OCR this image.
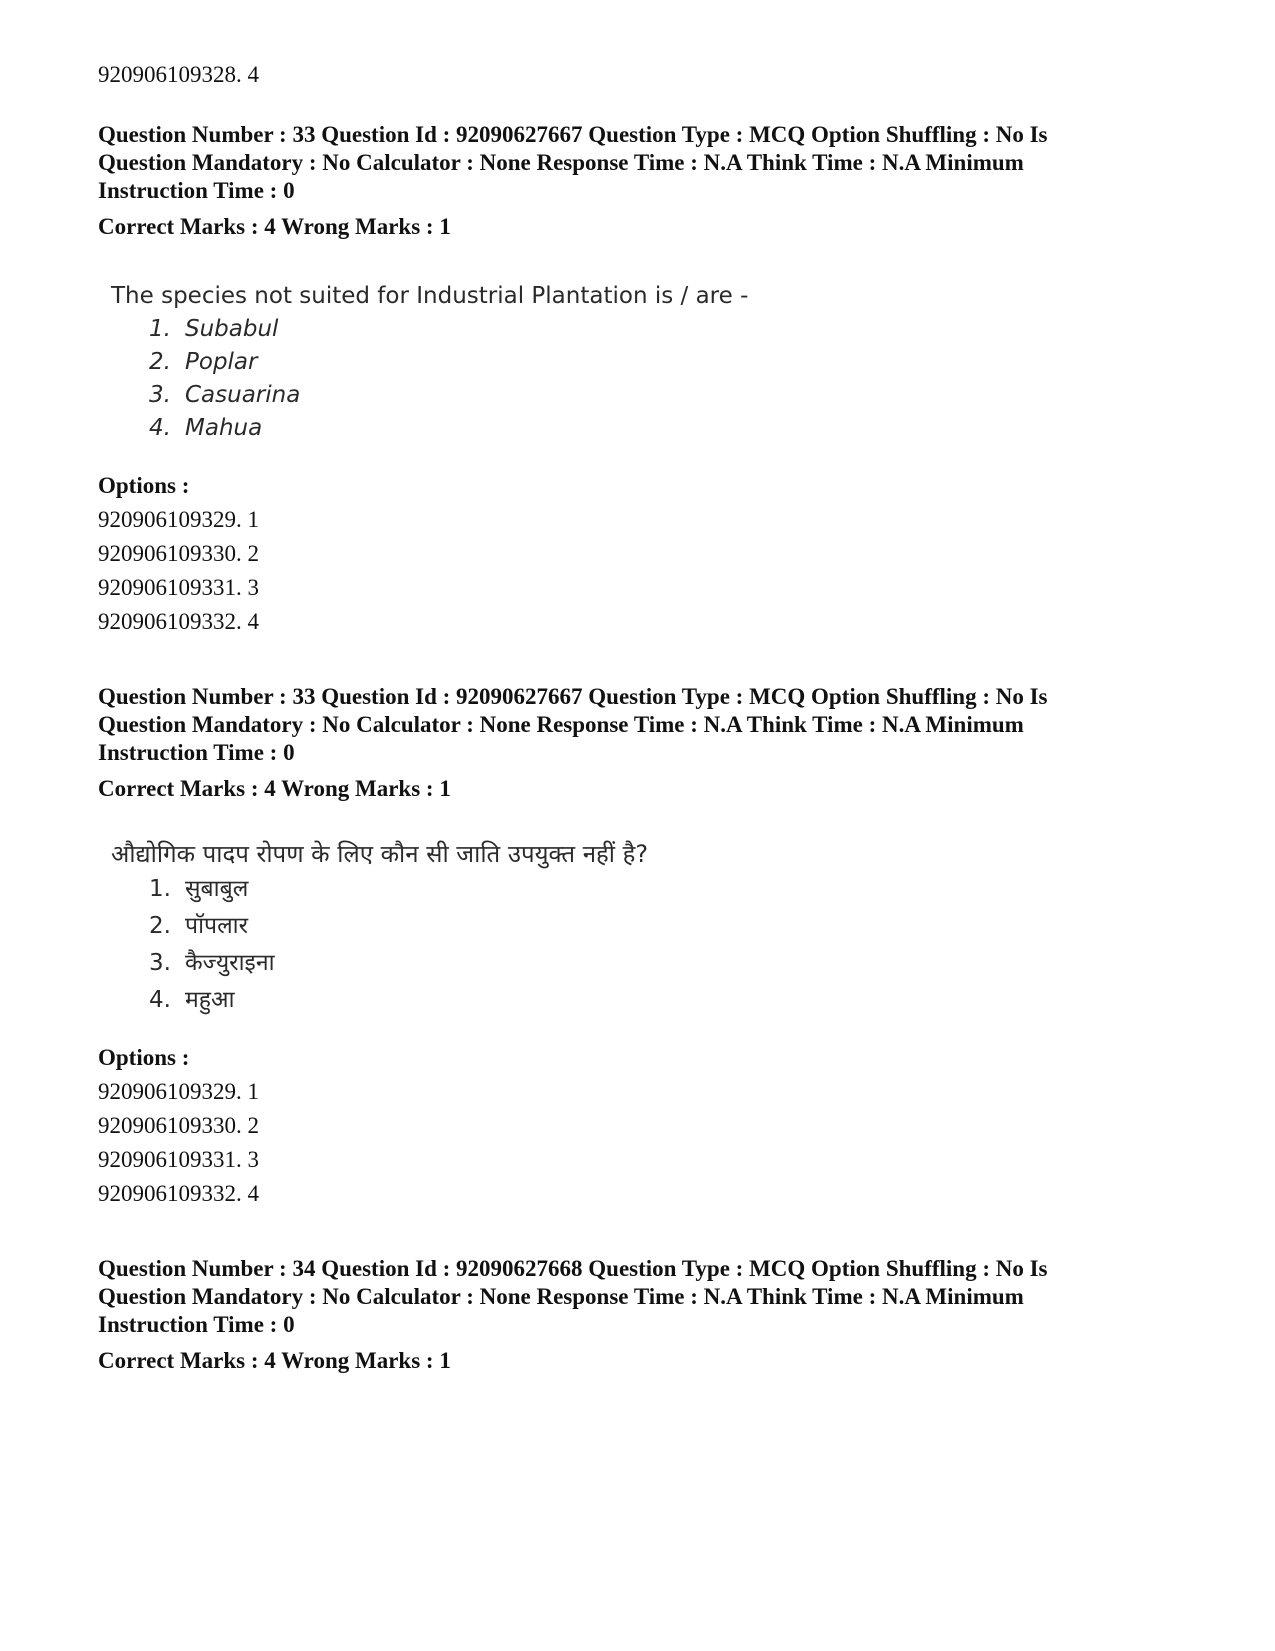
920906109328. 4
Question Number : 33 Question Id : 92090627667 Question Type : MCQ Option Shuffling : No Is
Question Mandatory : No Calculator : None Response Time : N.A Think Time : N.A Minimum
Instruction Time : 0
Correct Marks : 4 Wrong Marks : 1
The species not suited for Industrial Plantation is / are -
1. Subabul
2. Poplar
3. Casuarina
4. Mahua
Options :
920906109329. 1
920906109330. 2
920906109331. 3
920906109332. 4
Question Number : 33 Question Id : 92090627667 Question Type : MCQ Option Shuffling : No Is
Question Mandatory : No Calculator : None Response Time : N.A Think Time : N.A Minimum
Instruction Time : 0
Correct Marks : 4 Wrong Marks : 1
औद्योगिक पादप रोपण के लिए कौन सी जाति उपयुक्त नहीं है?
1. सुबाबुल
2. पॉपलार
3. कैज्युराइना
4. महुआ
Options :
920906109329. 1
920906109330. 2
920906109331. 3
920906109332. 4
Question Number : 34 Question Id : 92090627668 Question Type : MCQ Option Shuffling : No Is
Question Mandatory : No Calculator : None Response Time : N.A Think Time : N.A Minimum
Instruction Time : 0
Correct Marks : 4 Wrong Marks : 1
